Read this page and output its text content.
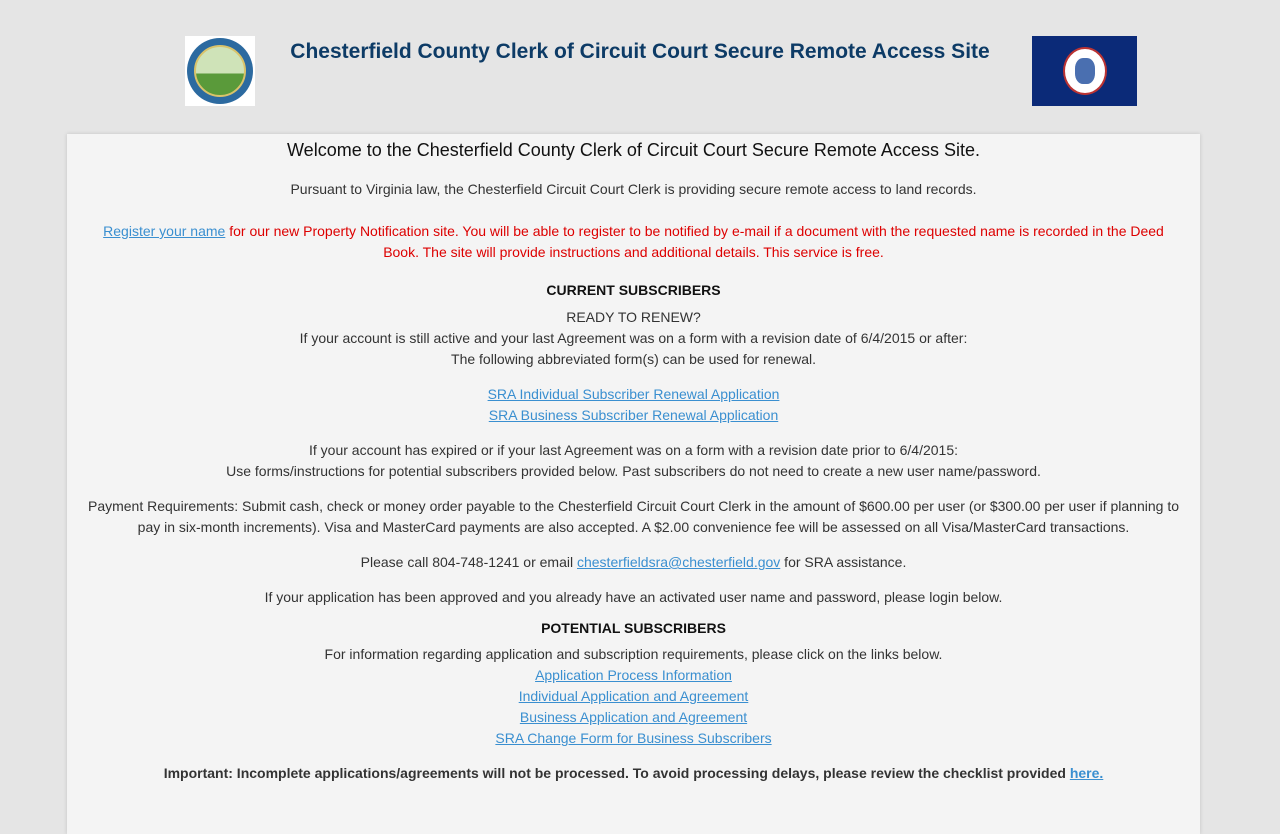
Chesterfield County Clerk of Circuit Court Secure Remote Access Site
Welcome to the Chesterfield County Clerk of Circuit Court Secure Remote Access Site.

Pursuant to Virginia law, the Chesterfield Circuit Court Clerk is providing secure remote access to land records.

Register your name for our new Property Notification site. You will be able to register to be notified by e-mail if a document with the requested name is recorded in the Deed Book. The site will provide instructions and additional details. This service is free.

CURRENT SUBSCRIBERS

READY TO RENEW?

If your account is still active and your last Agreement was on a form with a revision date of 6/4/2015 or after:

The following abbreviated form(s) can be used for renewal.

SRA Individual Subscriber Renewal Application

SRA Business Subscriber Renewal Application

If your account has expired or if your last Agreement was on a form with a revision date prior to 6/4/2015:

Use forms/instructions for potential subscribers provided below. Past subscribers do not need to create a new user name/password.

Payment Requirements: Submit cash, check or money order payable to the Chesterfield Circuit Court Clerk in the amount of $600.00 per user (or $300.00 per user if planning to pay in six-month increments). Visa and MasterCard payments are also accepted. A $2.00 convenience fee will be assessed on all Visa/MasterCard transactions.

Please call 804-748-1241 or email chesterfieldsra@chesterfield.gov for SRA assistance.

If your application has been approved and you already have an activated user name and password, please login below.

POTENTIAL SUBSCRIBERS

For information regarding application and subscription requirements, please click on the links below.

Application Process Information

Individual Application and Agreement

Business Application and Agreement

SRA Change Form for Business Subscribers

Important: Incomplete applications/agreements will not be processed. To avoid processing delays, please review the checklist provided here.
